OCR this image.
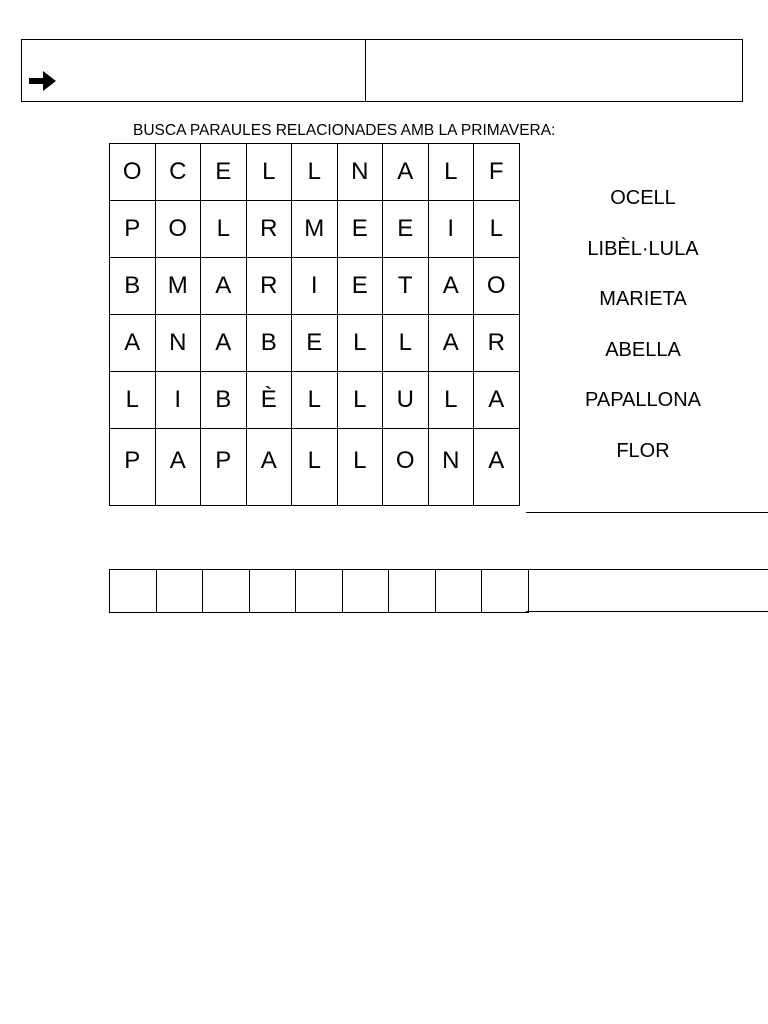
BUSCA PARAULES RELACIONADES AMB LA PRIMAVERA:
O	C	E	L	L	N	A	L	F
P	O	L	R	M	E	E	I	L
B	M	A	R	I	E	T	A	O
A	N	A	B	E	L	L	A	R
L	I	B	È	L	L	U	L	A
P	A	P	A	L	L	O	N	A
OCELL
LIBÈL·LULA
MARIETA
ABELLA
PAPALLONA
FLOR
